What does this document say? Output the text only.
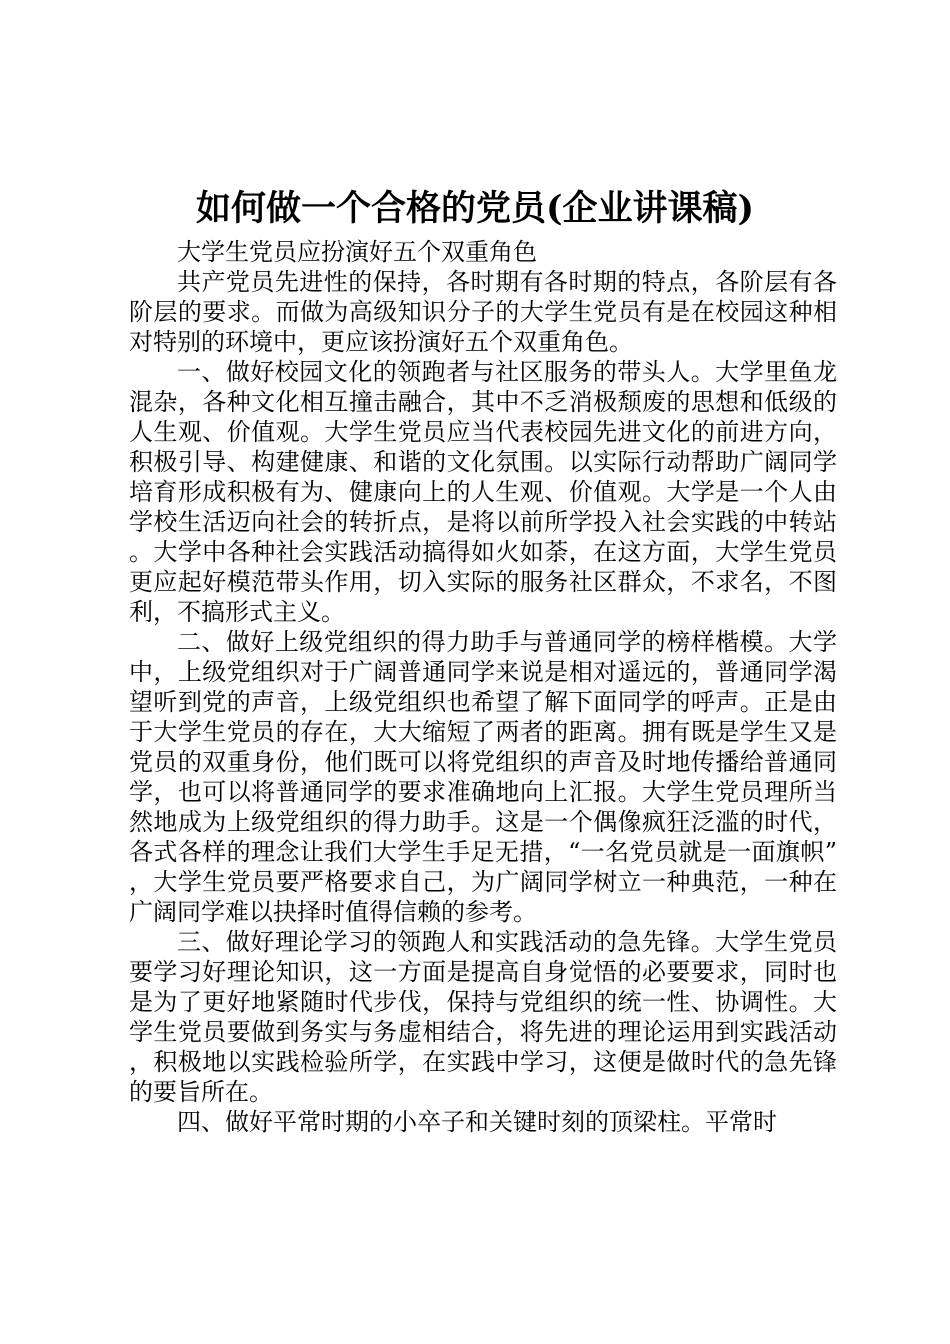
如何做一个合格的党员(企业讲课稿)

大学生党员应扮演好五个双重角色

共产党员先进性的保持，各时期有各时期的特点，各阶层有各阶层的要求。而做为高级知识分子的大学生党员有是在校园这种相对特别的环境中，更应该扮演好五个双重角色。

一、做好校园文化的领跑者与社区服务的带头人。大学里鱼龙混杂，各种文化相互撞击融合，其中不乏消极颓废的思想和低级的人生观、价值观。大学生党员应当代表校园先进文化的前进方向，积极引导、构建健康、和谐的文化氛围。以实际行动帮助广阔同学培育形成积极有为、健康向上的人生观、价值观。大学是一个人由学校生活迈向社会的转折点，是将以前所学投入社会实践的中转站。大学中各种社会实践活动搞得如火如荼，在这方面，大学生党员更应起好模范带头作用，切入实际的服务社区群众，不求名，不图利，不搞形式主义。

二、做好上级党组织的得力助手与普通同学的榜样楷模。大学中，上级党组织对于广阔普通同学来说是相对遥远的，普通同学渴望听到党的声音，上级党组织也希望了解下面同学的呼声。正是由于大学生党员的存在，大大缩短了两者的距离。拥有既是学生又是党员的双重身份，他们既可以将党组织的声音及时地传播给普通同学，也可以将普通同学的要求准确地向上汇报。大学生党员理所当然地成为上级党组织的得力助手。这是一个偶像疯狂泛滥的时代，各式各样的理念让我们大学生手足无措，“一名党员就是一面旗帜”，大学生党员要严格要求自己，为广阔同学树立一种典范，一种在广阔同学难以抉择时值得信赖的参考。

三、做好理论学习的领跑人和实践活动的急先锋。大学生党员要学习好理论知识，这一方面是提高自身觉悟的必要要求，同时也是为了更好地紧随时代步伐，保持与党组织的统一性、协调性。大学生党员要做到务实与务虚相结合，将先进的理论运用到实践活动，积极地以实践检验所学，在实践中学习，这便是做时代的急先锋的要旨所在。

四、做好平常时期的小卒子和关键时刻的顶梁柱。平常时
